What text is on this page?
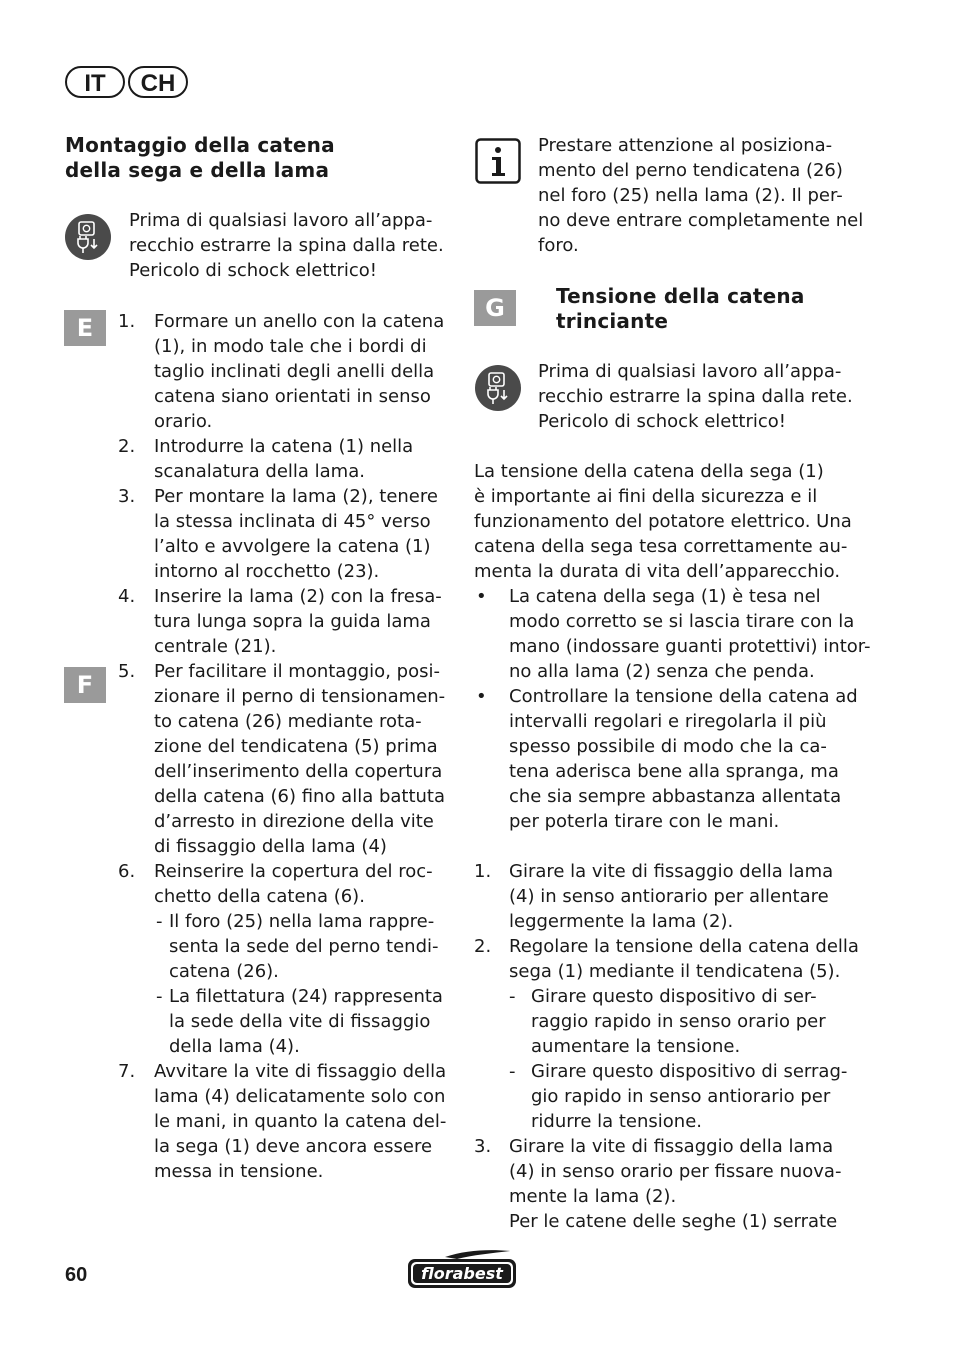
IT	CH
Montaggio della catena
della sega e della lama
Prima di qualsiasi lavoro all’appa-
recchio estrarre la spina dalla rete.
Pericolo di schock elettrico!
E
F
1. Formare un anello con la catena
(1), in modo tale che i bordi di
taglio inclinati degli anelli della
catena siano orientati in senso
orario.
2. Introdurre la catena (1) nella
scanalatura della lama.
3. Per montare la lama (2), tenere
la stessa inclinata di 45° verso
l’alto e avvolgere la catena (1)
intorno al rocchetto (23).
4. Inserire la lama (2) con la fresa-
tura lunga sopra la guida lama
centrale (21).
5. Per facilitare il montaggio, posi-
zionare il perno di tensionamen-
to catena (26) mediante rota-
zione del tendicatena (5) prima
dell’inserimento della copertura
della catena (6) fino alla battuta
d’arresto in direzione della vite
di fissaggio della lama (4)
6. Reinserire la copertura del roc-
chetto della catena (6).
- Il foro (25) nella lama rappre-
senta la sede del perno tendi-
catena (26).
- La filettatura (24) rappresenta
la sede della vite di fissaggio
della lama (4).
7. Avvitare la vite di fissaggio della
lama (4) delicatamente solo con
le mani, in quanto la catena del-
la sega (1) deve ancora essere
messa in tensione.
Prestare attenzione al posiziona-
mento del perno tendicatena (26)
nel foro (25) nella lama (2). Il per-
no deve entrare completamente nel
foro.
G	Tensione della catena
trinciante
Prima di qualsiasi lavoro all’appa-
recchio estrarre la spina dalla rete.
Pericolo di schock elettrico!
La tensione della catena della sega (1)
è importante ai fini della sicurezza e il
funzionamento del potatore elettrico. Una
catena della sega tesa correttamente au-
menta la durata di vita dell’apparecchio.
• La catena della sega (1) è tesa nel
modo corretto se si lascia tirare con la
mano (indossare guanti protettivi) intor-
no alla lama (2) senza che penda.
• Controllare la tensione della catena ad
intervalli regolari e riregolarla il più
spesso possibile di modo che la ca-
tena aderisca bene alla spranga, ma
che sia sempre abbastanza allentata
per poterla tirare con le mani.
1. Girare la vite di fissaggio della lama
(4) in senso antiorario per allentare
leggermente la lama (2).
2. Regolare la tensione della catena della
sega (1) mediante il tendicatena (5).
- Girare questo dispositivo di ser-
raggio rapido in senso orario per
aumentare la tensione.
- Girare questo dispositivo di serrag-
gio rapido in senso antiorario per
ridurre la tensione.
3. Girare la vite di fissaggio della lama
(4) in senso orario per fissare nuova-
mente la lama (2).
Per le catene delle seghe (1) serrate
60	florabest
